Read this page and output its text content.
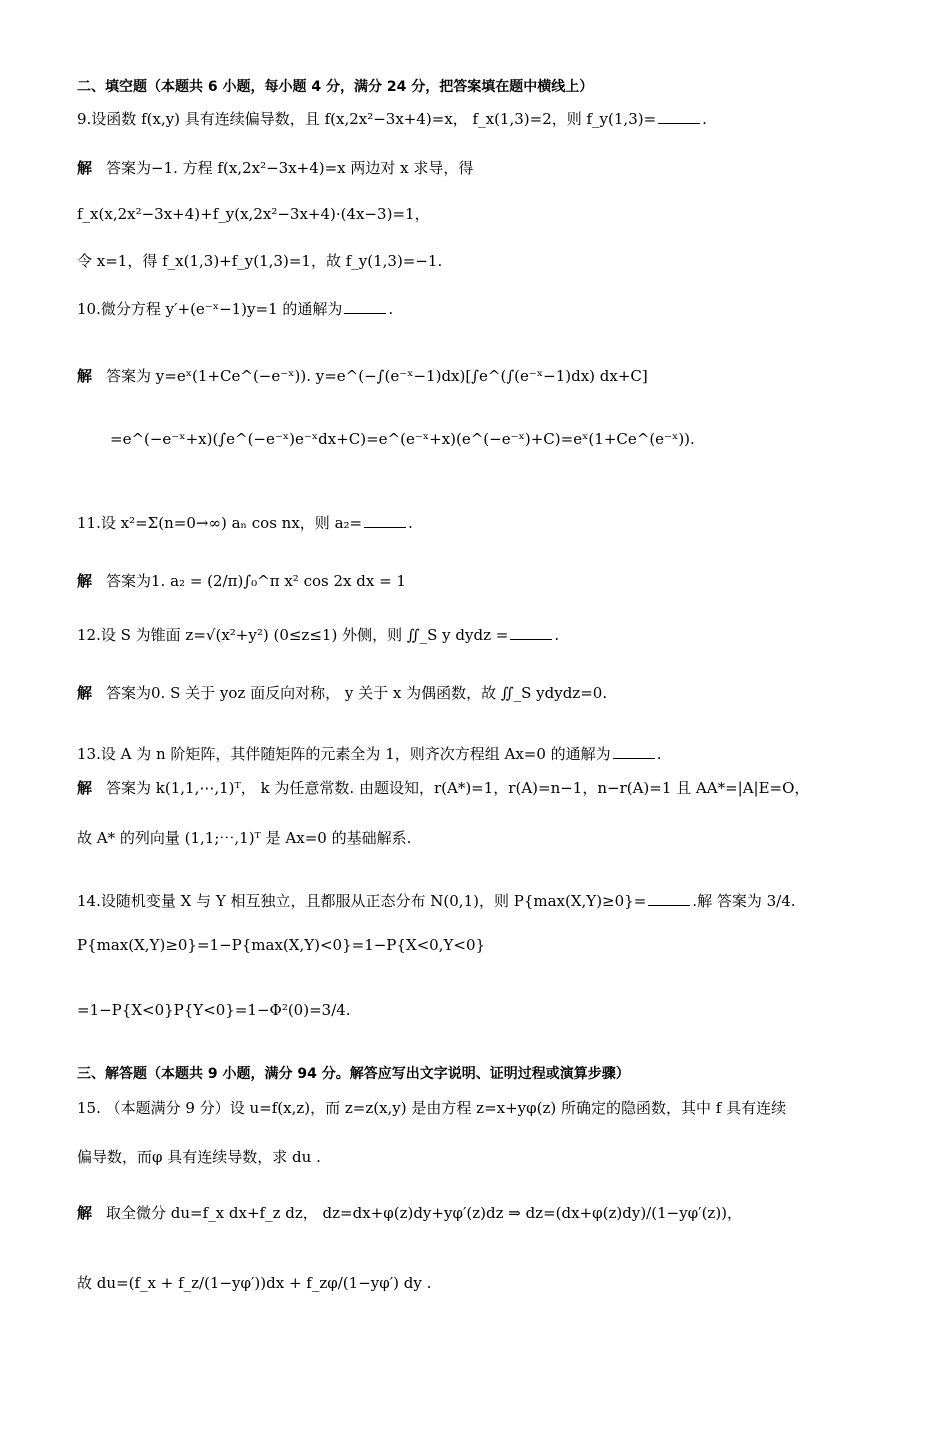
二、填空题（本题共 6 小题，每小题 4 分，满分 24 分，把答案填在题中横线上）
9.设函数 f(x,y) 具有连续偏导数，且 f(x,2x²−3x+4)=x， f_x(1,3)=2，则 f_y(1,3)=	.
解 答案为−1. 方程 f(x,2x²−3x+4)=x 两边对 x 求导，得
f_x(x,2x²−3x+4)+f_y(x,2x²−3x+4)·(4x−3)=1，
令 x=1，得 f_x(1,3)+f_y(1,3)=1，故 f_y(1,3)=−1.
10.微分方程 y′+(e⁻ˣ−1)y=1 的通解为	.
解 答案为 y=eˣ(1+Ce^(−e⁻ˣ)). y=e^(−∫(e⁻ˣ−1)dx)[∫e^(∫(e⁻ˣ−1)dx) dx+C]
=e^(−e⁻ˣ+x)(∫e^(−e⁻ˣ)e⁻ˣdx+C)=e^(e⁻ˣ+x)(e^(−e⁻ˣ)+C)=eˣ(1+Ce^(e⁻ˣ)).
11.设 x²=Σ(n=0→∞) aₙ cos nx，则 a₂=	.
解 答案为1. a₂ = (2/π)∫₀^π x² cos 2x dx = 1
12.设 S 为锥面 z=√(x²+y²) (0≤z≤1) 外侧，则 ∬_S y dydz =	.
解 答案为0. S 关于 yoz 面反向对称， y 关于 x 为偶函数，故 ∬_S ydydz=0.
13.设 A 为 n 阶矩阵，其伴随矩阵的元素全为 1，则齐次方程组 Ax=0 的通解为	.
解 答案为 k(1,1,⋯,1)ᵀ， k 为任意常数. 由题设知，r(A*)=1，r(A)=n−1，n−r(A)=1 且 AA*=|A|E=O，
故 A* 的列向量 (1,1;⋯,1)ᵀ 是 Ax=0 的基础解系.
14.设随机变量 X 与 Y 相互独立，且都服从正态分布 N(0,1)，则 P{max(X,Y)≥0}=	.解 答案为 3/4.
P{max(X,Y)≥0}=1−P{max(X,Y)<0}=1−P{X<0,Y<0}
=1−P{X<0}P{Y<0}=1−Φ²(0)=3/4.
三、解答题（本题共 9 小题，满分 94 分。解答应写出文字说明、证明过程或演算步骤）
15. （本题满分 9 分）设 u=f(x,z)，而 z=z(x,y) 是由方程 z=x+yφ(z) 所确定的隐函数，其中 f 具有连续
偏导数，而φ 具有连续导数，求 du .
解 取全微分 du=f_x dx+f_z dz， dz=dx+φ(z)dy+yφ′(z)dz ⇒ dz=(dx+φ(z)dy)/(1−yφ′(z))，
故 du=(f_x + f_z/(1−yφ′))dx + f_zφ/(1−yφ′) dy .
